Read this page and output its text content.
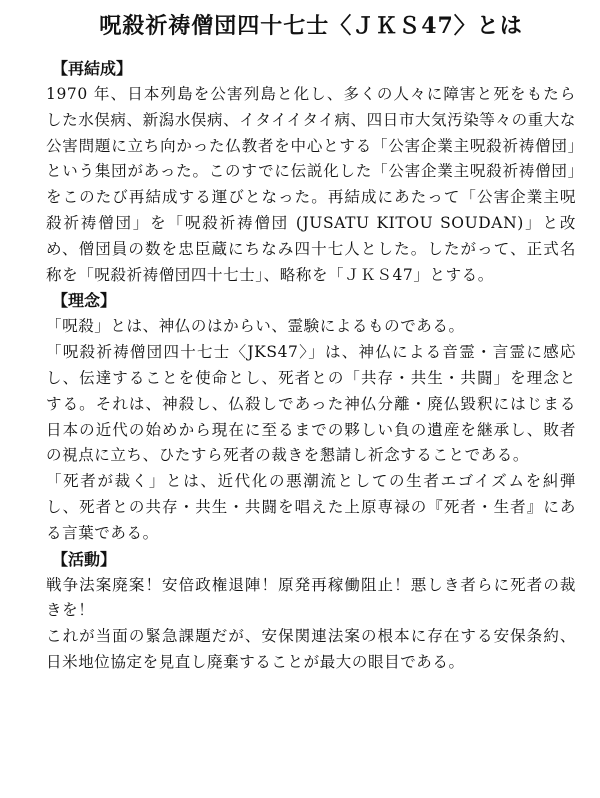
呪殺祈祷僧団四十七士〈ＪＫＳ47〉とは
【再結成】

1970 年、日本列島を公害列島と化し、多くの人々に障害と死をもたらした水俣病、新潟水俣病、イタイイタイ病、四日市大気汚染等々の重大な公害問題に立ち向かった仏教者を中心とする「公害企業主呪殺祈祷僧団」という集団があった。このすでに伝説化した「公害企業主呪殺祈祷僧団」をこのたび再結成する運びとなった。再結成にあたって「公害企業主呪殺祈祷僧団」を「呪殺祈祷僧団 (JUSATU KITOU SOUDAN)」と改め、僧団員の数を忠臣蔵にちなみ四十七人とした。したがって、正式名称を「呪殺祈祷僧団四十七士」、略称を「ＪＫＳ47」とする。

【理念】

「呪殺」とは、神仏のはからい、霊験によるものである。

「呪殺祈祷僧団四十七士〈JKS47〉」は、神仏による音霊・言霊に感応し、伝達することを使命とし、死者との「共存・共生・共闘」を理念とする。それは、神殺し、仏殺しであった神仏分離・廃仏毀釈にはじまる日本の近代の始めから現在に至るまでの夥しい負の遺産を継承し、敗者の視点に立ち、ひたすら死者の裁きを懇請し祈念することである。

「死者が裁く」とは、近代化の悪潮流としての生者エゴイズムを糾弾し、死者との共存・共生・共闘を唱えた上原専禄の『死者・生者』にある言葉である。

【活動】

戦争法案廃案！安倍政権退陣！原発再稼働阻止！悪しき者らに死者の裁きを！

これが当面の緊急課題だが、安保関連法案の根本に存在する安保条約、日米地位協定を見直し廃棄することが最大の眼目である。
